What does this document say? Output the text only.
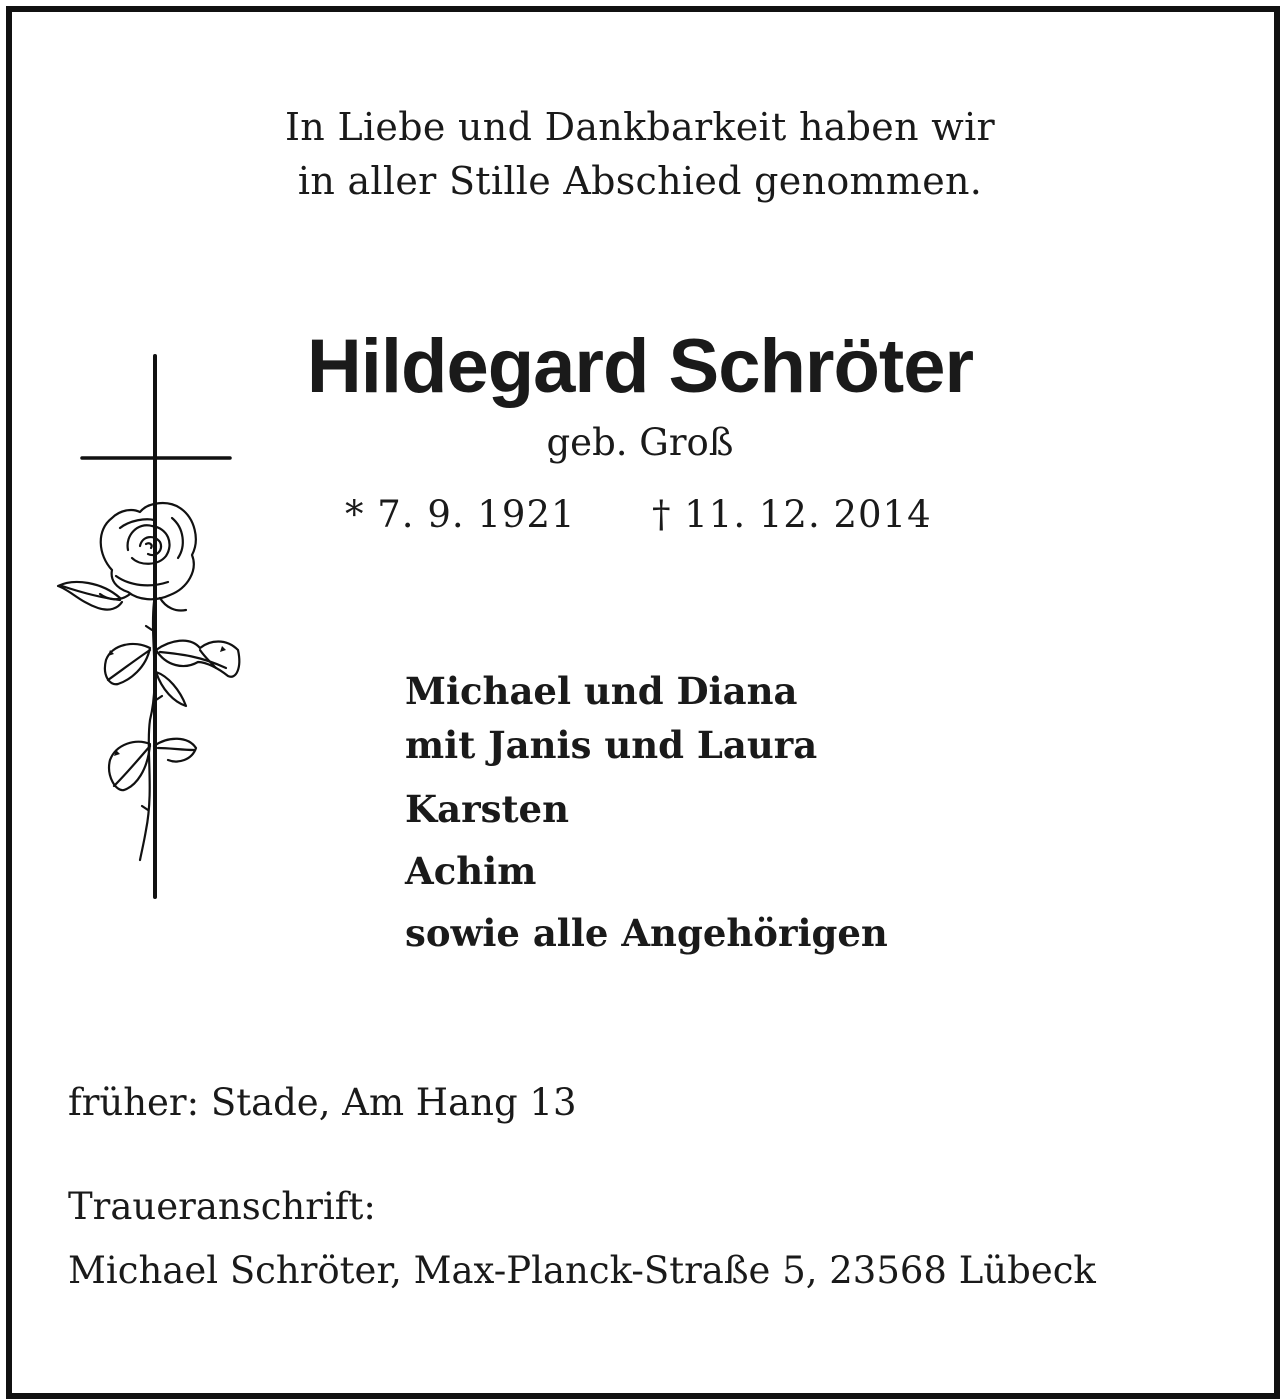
In Liebe und Dankbarkeit haben wir
in aller Stille Abschied genommen.
Hildegard Schröter
geb. Groß
* 7. 9. 1921 † 11. 12. 2014
Michael und Diana
mit Janis und Laura
Karsten
Achim
sowie alle Angehörigen
früher: Stade, Am Hang 13
Traueranschrift:
Michael Schröter, Max-Planck-Straße 5, 23568 Lübeck
